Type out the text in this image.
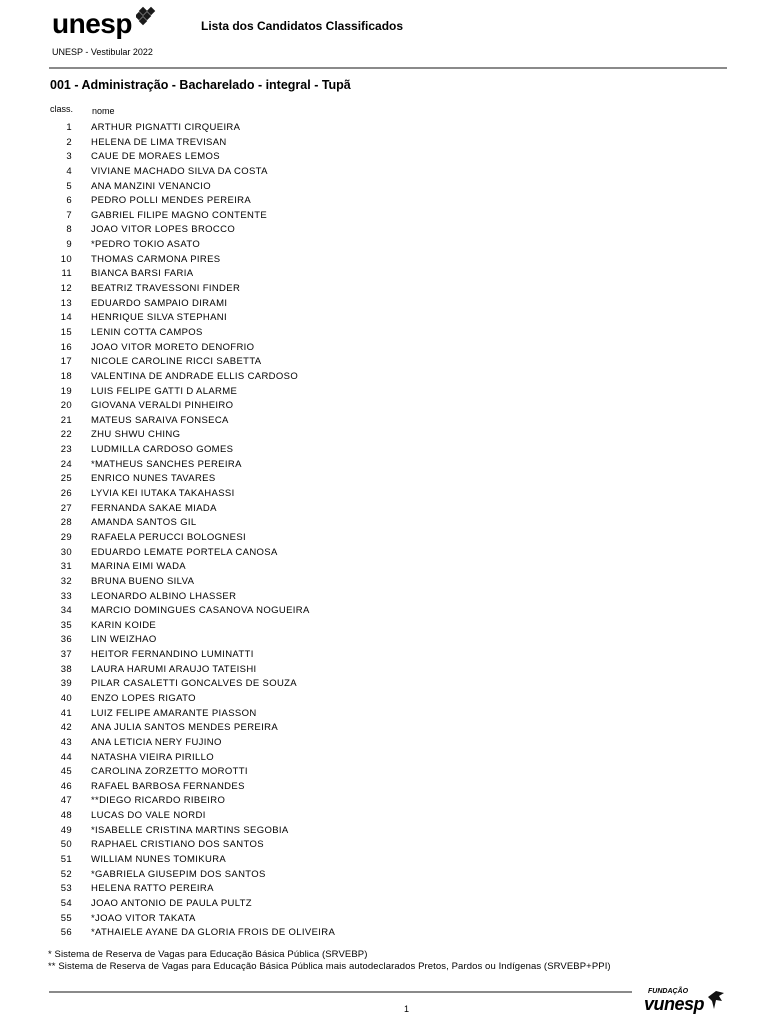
unesp
UNESP - Vestibular 2022
Lista dos Candidatos Classificados
001 - Administração - Bacharelado - integral - Tupã
class. nome
1 ARTHUR PIGNATTI CIRQUEIRA
2 HELENA DE LIMA TREVISAN
3 CAUE DE MORAES LEMOS
4 VIVIANE MACHADO SILVA DA COSTA
5 ANA MANZINI VENANCIO
6 PEDRO POLLI MENDES PEREIRA
7 GABRIEL FILIPE MAGNO CONTENTE
8 JOAO VITOR LOPES BROCCO
9 *PEDRO TOKIO ASATO
10 THOMAS CARMONA PIRES
11 BIANCA BARSI FARIA
12 BEATRIZ TRAVESSONI FINDER
13 EDUARDO SAMPAIO DIRAMI
14 HENRIQUE SILVA STEPHANI
15 LENIN COTTA CAMPOS
16 JOAO VITOR MORETO DENOFRIO
17 NICOLE CAROLINE RICCI SABETTA
18 VALENTINA DE ANDRADE ELLIS CARDOSO
19 LUIS FELIPE GATTI D ALARME
20 GIOVANA VERALDI PINHEIRO
21 MATEUS SARAIVA FONSECA
22 ZHU SHWU CHING
23 LUDMILLA CARDOSO GOMES
24 *MATHEUS SANCHES PEREIRA
25 ENRICO NUNES TAVARES
26 LYVIA KEI IUTAKA TAKAHASSI
27 FERNANDA SAKAE MIADA
28 AMANDA SANTOS GIL
29 RAFAELA PERUCCI BOLOGNESI
30 EDUARDO LEMATE PORTELA CANOSA
31 MARINA EIMI WADA
32 BRUNA BUENO SILVA
33 LEONARDO ALBINO LHASSER
34 MARCIO DOMINGUES CASANOVA NOGUEIRA
35 KARIN KOIDE
36 LIN WEIZHAO
37 HEITOR FERNANDINO LUMINATTI
38 LAURA HARUMI ARAUJO TATEISHI
39 PILAR CASALETTI GONCALVES DE SOUZA
40 ENZO LOPES RIGATO
41 LUIZ FELIPE AMARANTE PIASSON
42 ANA JULIA SANTOS MENDES PEREIRA
43 ANA LETICIA NERY FUJINO
44 NATASHA VIEIRA PIRILLO
45 CAROLINA ZORZETTO MOROTTI
46 RAFAEL BARBOSA FERNANDES
47 **DIEGO RICARDO RIBEIRO
48 LUCAS DO VALE NORDI
49 *ISABELLE CRISTINA MARTINS SEGOBIA
50 RAPHAEL CRISTIANO DOS SANTOS
51 WILLIAM NUNES TOMIKURA
52 *GABRIELA GIUSEPIM DOS SANTOS
53 HELENA RATTO PEREIRA
54 JOAO ANTONIO DE PAULA PULTZ
55 *JOAO VITOR TAKATA
56 *ATHAIELE AYANE DA GLORIA FROIS DE OLIVEIRA
* Sistema de Reserva de Vagas para Educação Básica Pública (SRVEBP)
** Sistema de Reserva de Vagas para Educação Básica Pública mais autodeclarados Pretos, Pardos ou Indígenas (SRVEBP+PPI)
1
FUNDAÇÃO
vunesp
